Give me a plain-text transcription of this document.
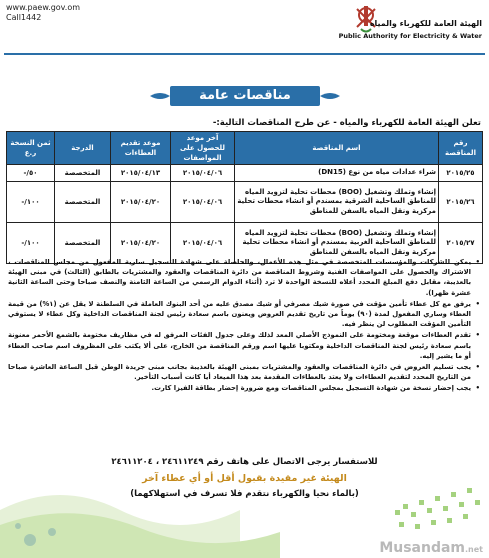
www.paew.gov.om
Call1442
الهيئة العامة للكهرباء والمياه
Public Authority for Electricity & Water
مناقصات عامة
تعلن الهيئة العامة للكهرباء والمياه - عن طرح المناقصات التالية:-
رقم المناقصة	اسم المناقصة	آخر موعد للحصول على المواصفات	موعد تقديم العطاءات	الدرجة	ثمن النسخة ر.ع
٢٠١٥/٢٥	شراء عدادات مياه من نوع (DN15)	٢٠١٥/٠٤/٠٦	٢٠١٥/٠٤/١٣	المتخصصة	٥٠/-
٢٠١٥/٢٦	إنشاء وتملك وتشغيل (BOO) محطات تحلية لتزويد المياه للمناطق الساحلية الشرقية بمسندم أو انشاء محطات تحلية مركزية ونقل المياه بالسفن للمناطق	٢٠١٥/٠٤/٠٦	٢٠١٥/٠٤/٢٠	المتخصصة	١٠٠/-
٢٠١٥/٢٧	إنشاء وتملك وتشغيل (BOO) محطات تحلية لتزويد المياه للمناطق الساحلية الغربية بمسندم أو انشاء محطات تحلية مركزية ونقل المياه بالسفن للمناطق	٢٠١٥/٠٤/٠٦	٢٠١٥/٠٤/٢٠	المتخصصة	١٠٠/-
• يمكن للشركات والمؤسسات المتخصصة في مثل هذه الأعمال، والحاصلة على شهادة التسجيل سارية المفعول من مجلس المناقصات ، الاشتراك والحصول على المواصفات الفنية وشروط المناقصة من دائرة المناقصات والعقود والمشتريات بالطابق (الثالث) في مبنى الهيئة بالعذيبة، مقابل دفع المبلغ المحدد أعلاه للنسخة الواحدة لا ترد (أثناء الدوام الرسمي من الساعة الثامنة والنصف صباحا وحتى الساعة الثانية عشرة ظهرا).
• يرفق مع كل عطاء تأمين مؤقت في صورة شيك مصرفي أو شيك مصدق عليه من أحد البنوك العاملة في السلطنة لا يقل عن (١%) من قيمة العطاء وساري المفعول لمدة (٩٠) يوماً من تاريخ تقديم العروض ويعنون باسم سعادة رئيس لجنة المناقصات الداخلية وكل عطاء لا يستوفي التأمين المؤقت المطلوب لن ينظر فيه.
• تقدم العطاءات موقعة ومختومة على النموذج الأصلي المعد لذلك وعلى جدول الفئات المرفق له في مظاريف مختومة بالشمع الأحمر معنونة باسم سعادة رئيس لجنة المناقصات الداخلية ومكتوبا عليها اسم ورقم المناقصة من الخارج، على ألا يكتب على المظروف اسم صاحب العطاء أو ما يشير إليه.
• يجب تسليم العروض في دائرة المناقصات والعقود والمشتريات بمبنى الهيئة بالعذيبة بجانب مبنى جريدة الوطن قبل الساعة العاشرة صباحا من التاريخ المحدد لتقديم العطاءات ولا يعتد بالعطاءات المقدمة بعد هذا الميعاد أيا كانت أسباب التأخير.
• يجب إحضار نسخة من شهادة التسجيل بمجلس المناقصات ومع ضرورة إحضار بطاقة الفيزا كارت.
للاستفسار يرجى الاتصال على هاتف رقم ٢٤٦١١٢٤٩ ، ٢٤٦١١٢٠٤
الهيئة غير مقيدة بقبول أقل أو أي عطاء آخر
(بالماء نحيا والكهرباء نتقدم فلا تسرف في استهلاكهما)
Musandam.net
